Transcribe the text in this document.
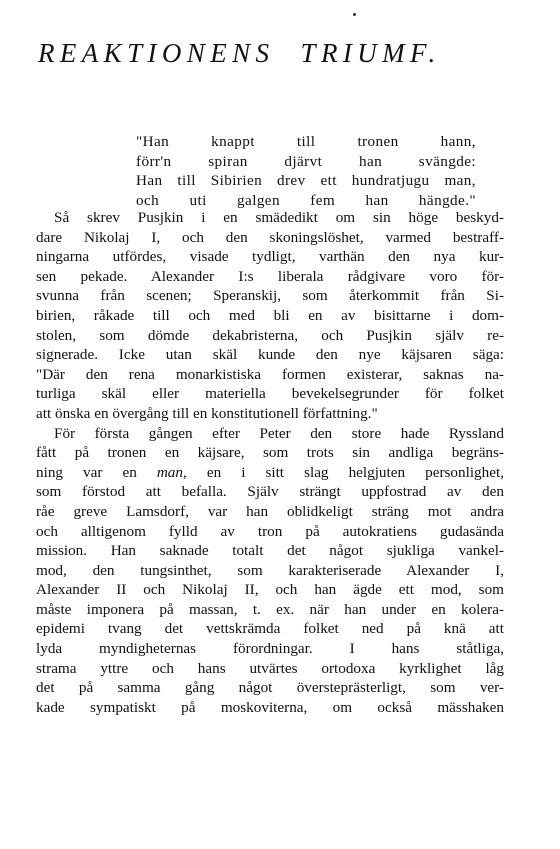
REAKTIONENS TRIUMF.
"Han knappt till tronen hann,
förr'n spiran djärvt han svängde:
Han till Sibirien drev ett hundratjugu man,
och uti galgen fem han hängde."
Så skrev Pusjkin i en smädedikt om sin höge beskyd-
dare Nikolaj I, och den skoningslöshet, varmed bestraff-
ningarna utfördes, visade tydligt, varthän den nya kur-
sen pekade. Alexander I:s liberala rådgivare voro för-
svunna från scenen; Speranskij, som återkommit från Si-
birien, råkade till och med bli en av bisittarne i dom-
stolen, som dömde dekabristerna, och Pusjkin själv re-
signerade. Icke utan skäl kunde den nye käjsaren säga:
"Där den rena monarkistiska formen existerar, saknas na-
turliga skäl eller materiella bevekelsegrunder för folket
att önska en övergång till en konstitutionell författning."
För första gången efter Peter den store hade Ryssland
fått på tronen en käjsare, som trots sin andliga begräns-
ning var en man, en i sitt slag helgjuten personlighet,
som förstod att befalla. Själv strängt uppfostrad av den
råe greve Lamsdorf, var han oblidkeligt sträng mot andra
och alltigenom fylld av tron på autokratiens gudasända
mission. Han saknade totalt det något sjukliga vankel-
mod, den tungsinthet, som karakteriserade Alexander I,
Alexander II och Nikolaj II, och han ägde ett mod, som
måste imponera på massan, t. ex. när han under en kolera-
epidemi tvang det vettskrämda folket ned på knä att
lyda myndigheternas förordningar. I hans ståtliga,
strama yttre och hans utvärtes ortodoxa kyrklighet låg
det på samma gång något översteprästerligt, som ver-
kade sympatiskt på moskoviterna, om också mässhaken
